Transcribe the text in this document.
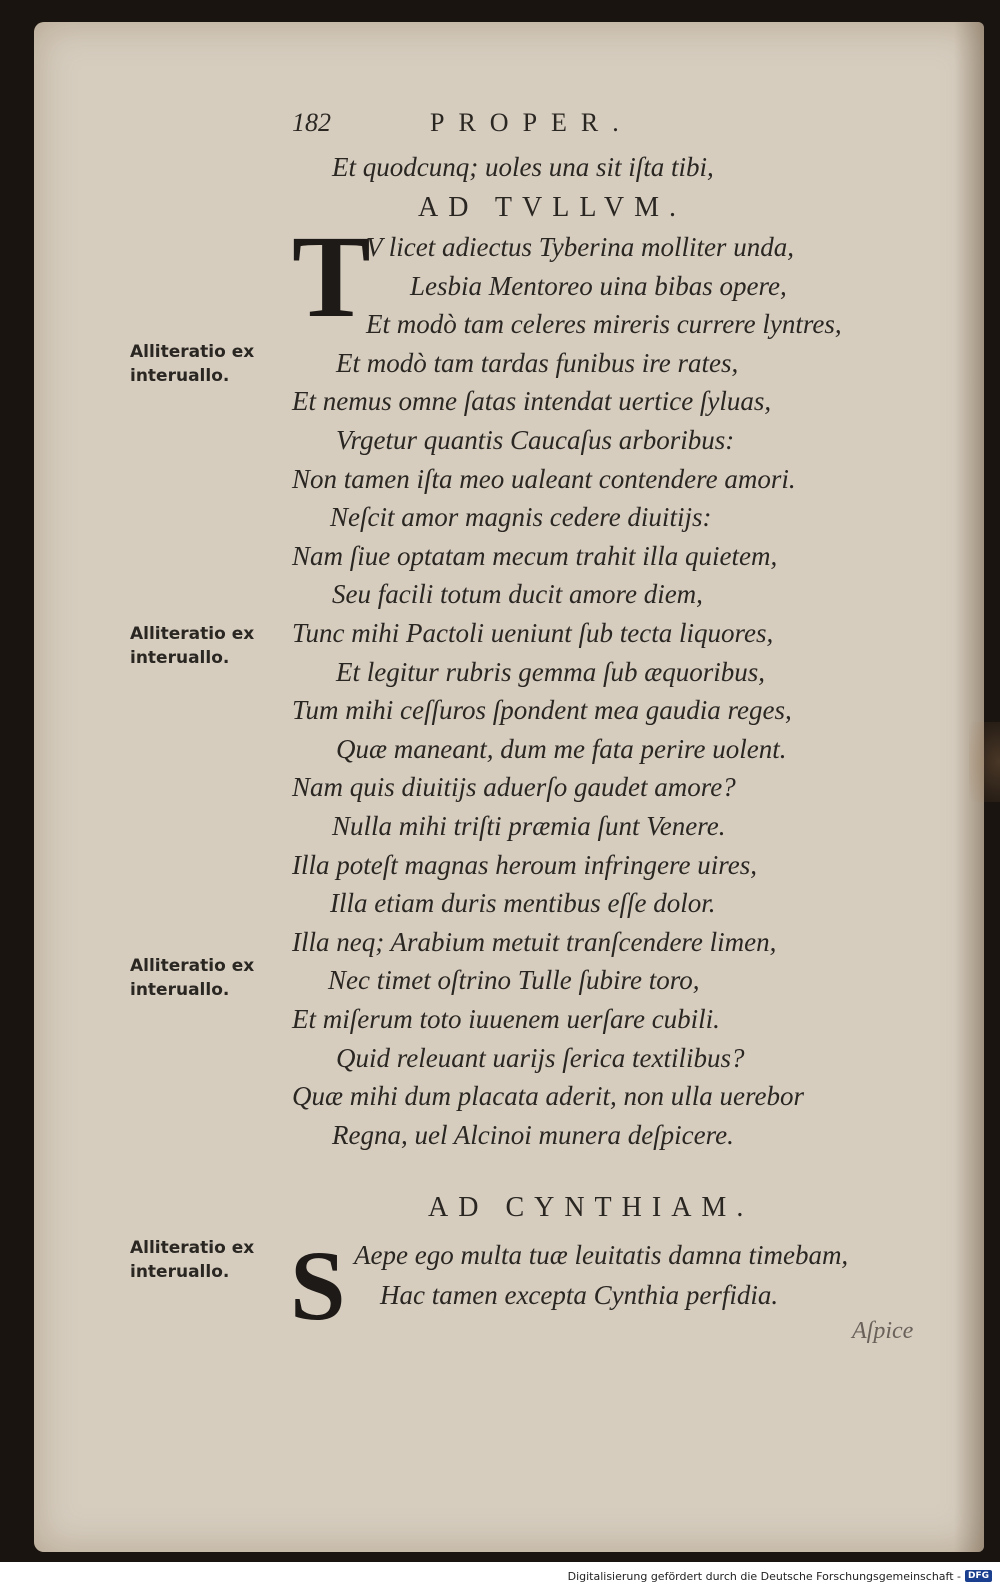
182	PROPER.
Et quodcunq; uoles una sit iſta tibi,
AD TVLLVM.
T
V licet adiectus Tyberina molliter unda,
Lesbia Mentoreo uina bibas opere,
Et modò tam celeres mireris currere lyntres,
Et modò tam tardas funibus ire rates,
Et nemus omne ſatas intendat uertice ſyluas,
Vrgetur quantis Caucaſus arboribus:
Non tamen iſta meo ualeant contendere amori.
Neſcit amor magnis cedere diuitijs:
Nam ſiue optatam mecum trahit illa quietem,
Seu facili totum ducit amore diem,
Tunc mihi Pactoli ueniunt ſub tecta liquores,
Et legitur rubris gemma ſub æquoribus,
Tum mihi ceſſuros ſpondent mea gaudia reges,
Quæ maneant, dum me fata perire uolent.
Nam quis diuitijs aduerſo gaudet amore?
Nulla mihi triſti præmia ſunt Venere.
Illa poteſt magnas heroum infringere uires,
Illa etiam duris mentibus eſſe dolor.
Illa neq; Arabium metuit tranſcendere limen,
Nec timet oſtrino Tulle ſubire toro,
Et miſerum toto iuuenem uerſare cubili.
Quid releuant uarijs ſerica textilibus?
Quæ mihi dum placata aderit, non ulla uerebor
Regna, uel Alcinoi munera deſpicere.
AD CYNTHIAM.
S Aepe ego multa tuæ leuitatis damna timebam,
Hac tamen excepta Cynthia perfidia.
Alliteratio ex
interuallo.
Alliteratio ex
interuallo.
Alliteratio ex
interuallo.
Alliteratio ex
interuallo.
Aſpice
Digitalisierung gefördert durch die Deutsche Forschungsgemeinschaft - DFG
